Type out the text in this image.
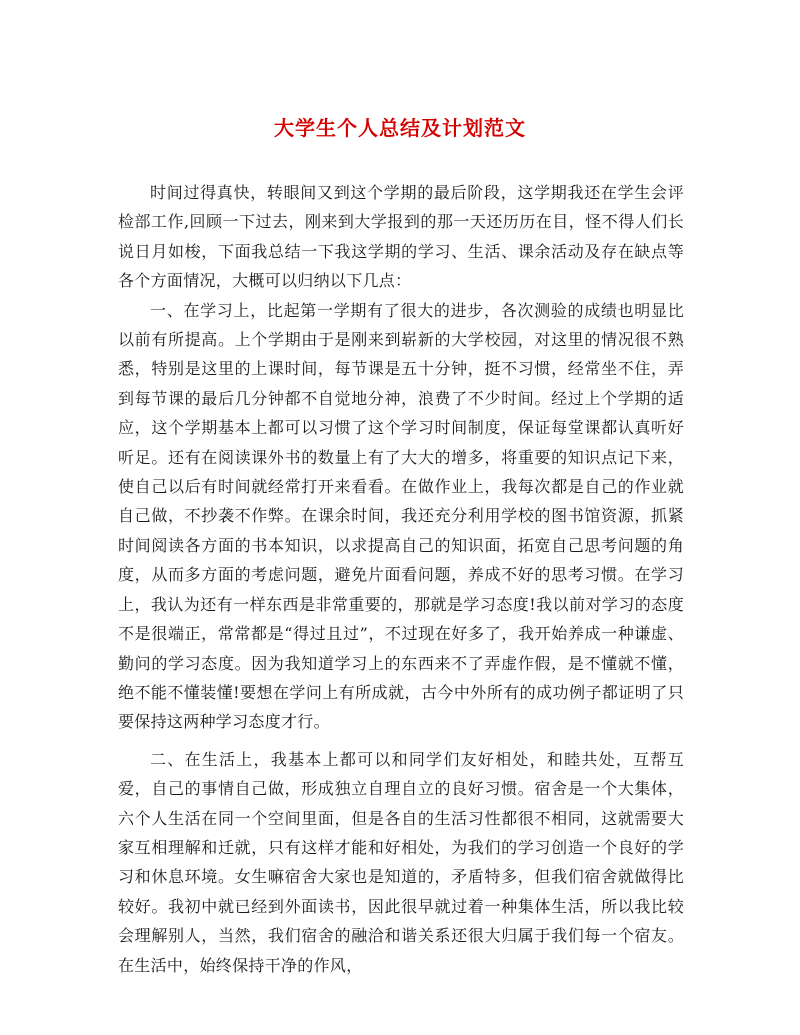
大学生个人总结及计划范文

时间过得真快，转眼间又到这个学期的最后阶段，这学期我还在学生会评检部工作,回顾一下过去，刚来到大学报到的那一天还历历在目，怪不得人们长说日月如梭，下面我总结一下我这学期的学习、生活、课余活动及存在缺点等各个方面情况，大概可以归纳以下几点：

一、在学习上，比起第一学期有了很大的进步，各次测验的成绩也明显比以前有所提高。上个学期由于是刚来到崭新的大学校园，对这里的情况很不熟悉，特别是这里的上课时间，每节课是五十分钟，挺不习惯，经常坐不住，弄到每节课的最后几分钟都不自觉地分神，浪费了不少时间。经过上个学期的适应，这个学期基本上都可以习惯了这个学习时间制度，保证每堂课都认真听好听足。还有在阅读课外书的数量上有了大大的增多，将重要的知识点记下来，使自己以后有时间就经常打开来看看。在做作业上，我每次都是自己的作业就自己做，不抄袭不作弊。在课余时间，我还充分利用学校的图书馆资源，抓紧时间阅读各方面的书本知识，以求提高自己的知识面，拓宽自己思考问题的角度，从而多方面的考虑问题，避免片面看问题，养成不好的思考习惯。在学习上，我认为还有一样东西是非常重要的，那就是学习态度!我以前对学习的态度不是很端正，常常都是“得过且过”，不过现在好多了，我开始养成一种谦虚、勤问的学习态度。因为我知道学习上的东西来不了弄虚作假，是不懂就不懂，绝不能不懂装懂!要想在学问上有所成就，古今中外所有的成功例子都证明了只要保持这两种学习态度才行。

二、在生活上，我基本上都可以和同学们友好相处，和睦共处，互帮互爱，自己的事情自己做，形成独立自理自立的良好习惯。宿舍是一个大集体，六个人生活在同一个空间里面，但是各自的生活习性都很不相同，这就需要大家互相理解和迁就，只有这样才能和好相处，为我们的学习创造一个良好的学习和休息环境。女生嘛宿舍大家也是知道的，矛盾特多，但我们宿舍就做得比较好。我初中就已经到外面读书，因此很早就过着一种集体生活，所以我比较会理解别人，当然，我们宿舍的融洽和谐关系还很大归属于我们每一个宿友。在生活中，始终保持干净的作风，
